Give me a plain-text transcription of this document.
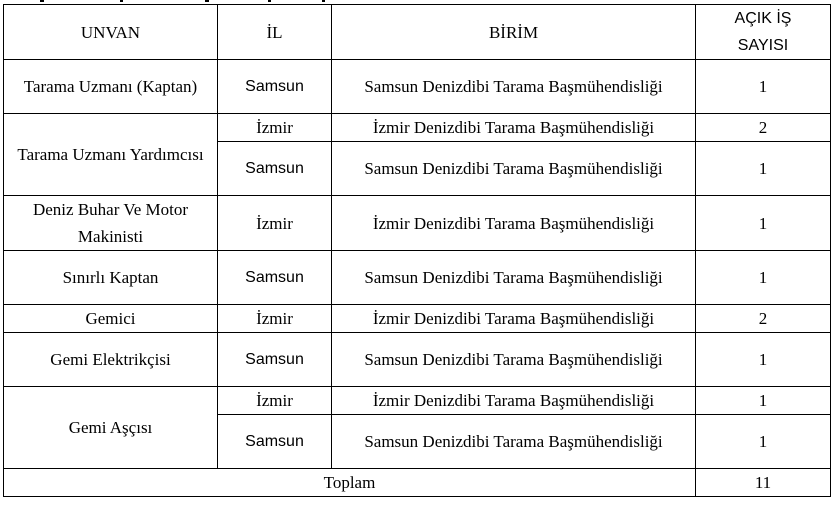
UNVAN	İL	BİRİM	AÇIK İŞ
SAYISI
Tarama Uzmanı (Kaptan)	Samsun	Samsun Denizdibi Tarama Başmühendisliği	1
Tarama Uzmanı Yardımcısı	İzmir	İzmir Denizdibi Tarama Başmühendisliği	2
	Samsun	Samsun Denizdibi Tarama Başmühendisliği	1
Deniz Buhar Ve Motor Makinisti	İzmir	İzmir Denizdibi Tarama Başmühendisliği	1
Sınırlı Kaptan	Samsun	Samsun Denizdibi Tarama Başmühendisliği	1
Gemici	İzmir	İzmir Denizdibi Tarama Başmühendisliği	2
Gemi Elektrikçisi	Samsun	Samsun Denizdibi Tarama Başmühendisliği	1
Gemi Aşçısı	İzmir	İzmir Denizdibi Tarama Başmühendisliği	1
	Samsun	Samsun Denizdibi Tarama Başmühendisliği	1
Toplam			11
